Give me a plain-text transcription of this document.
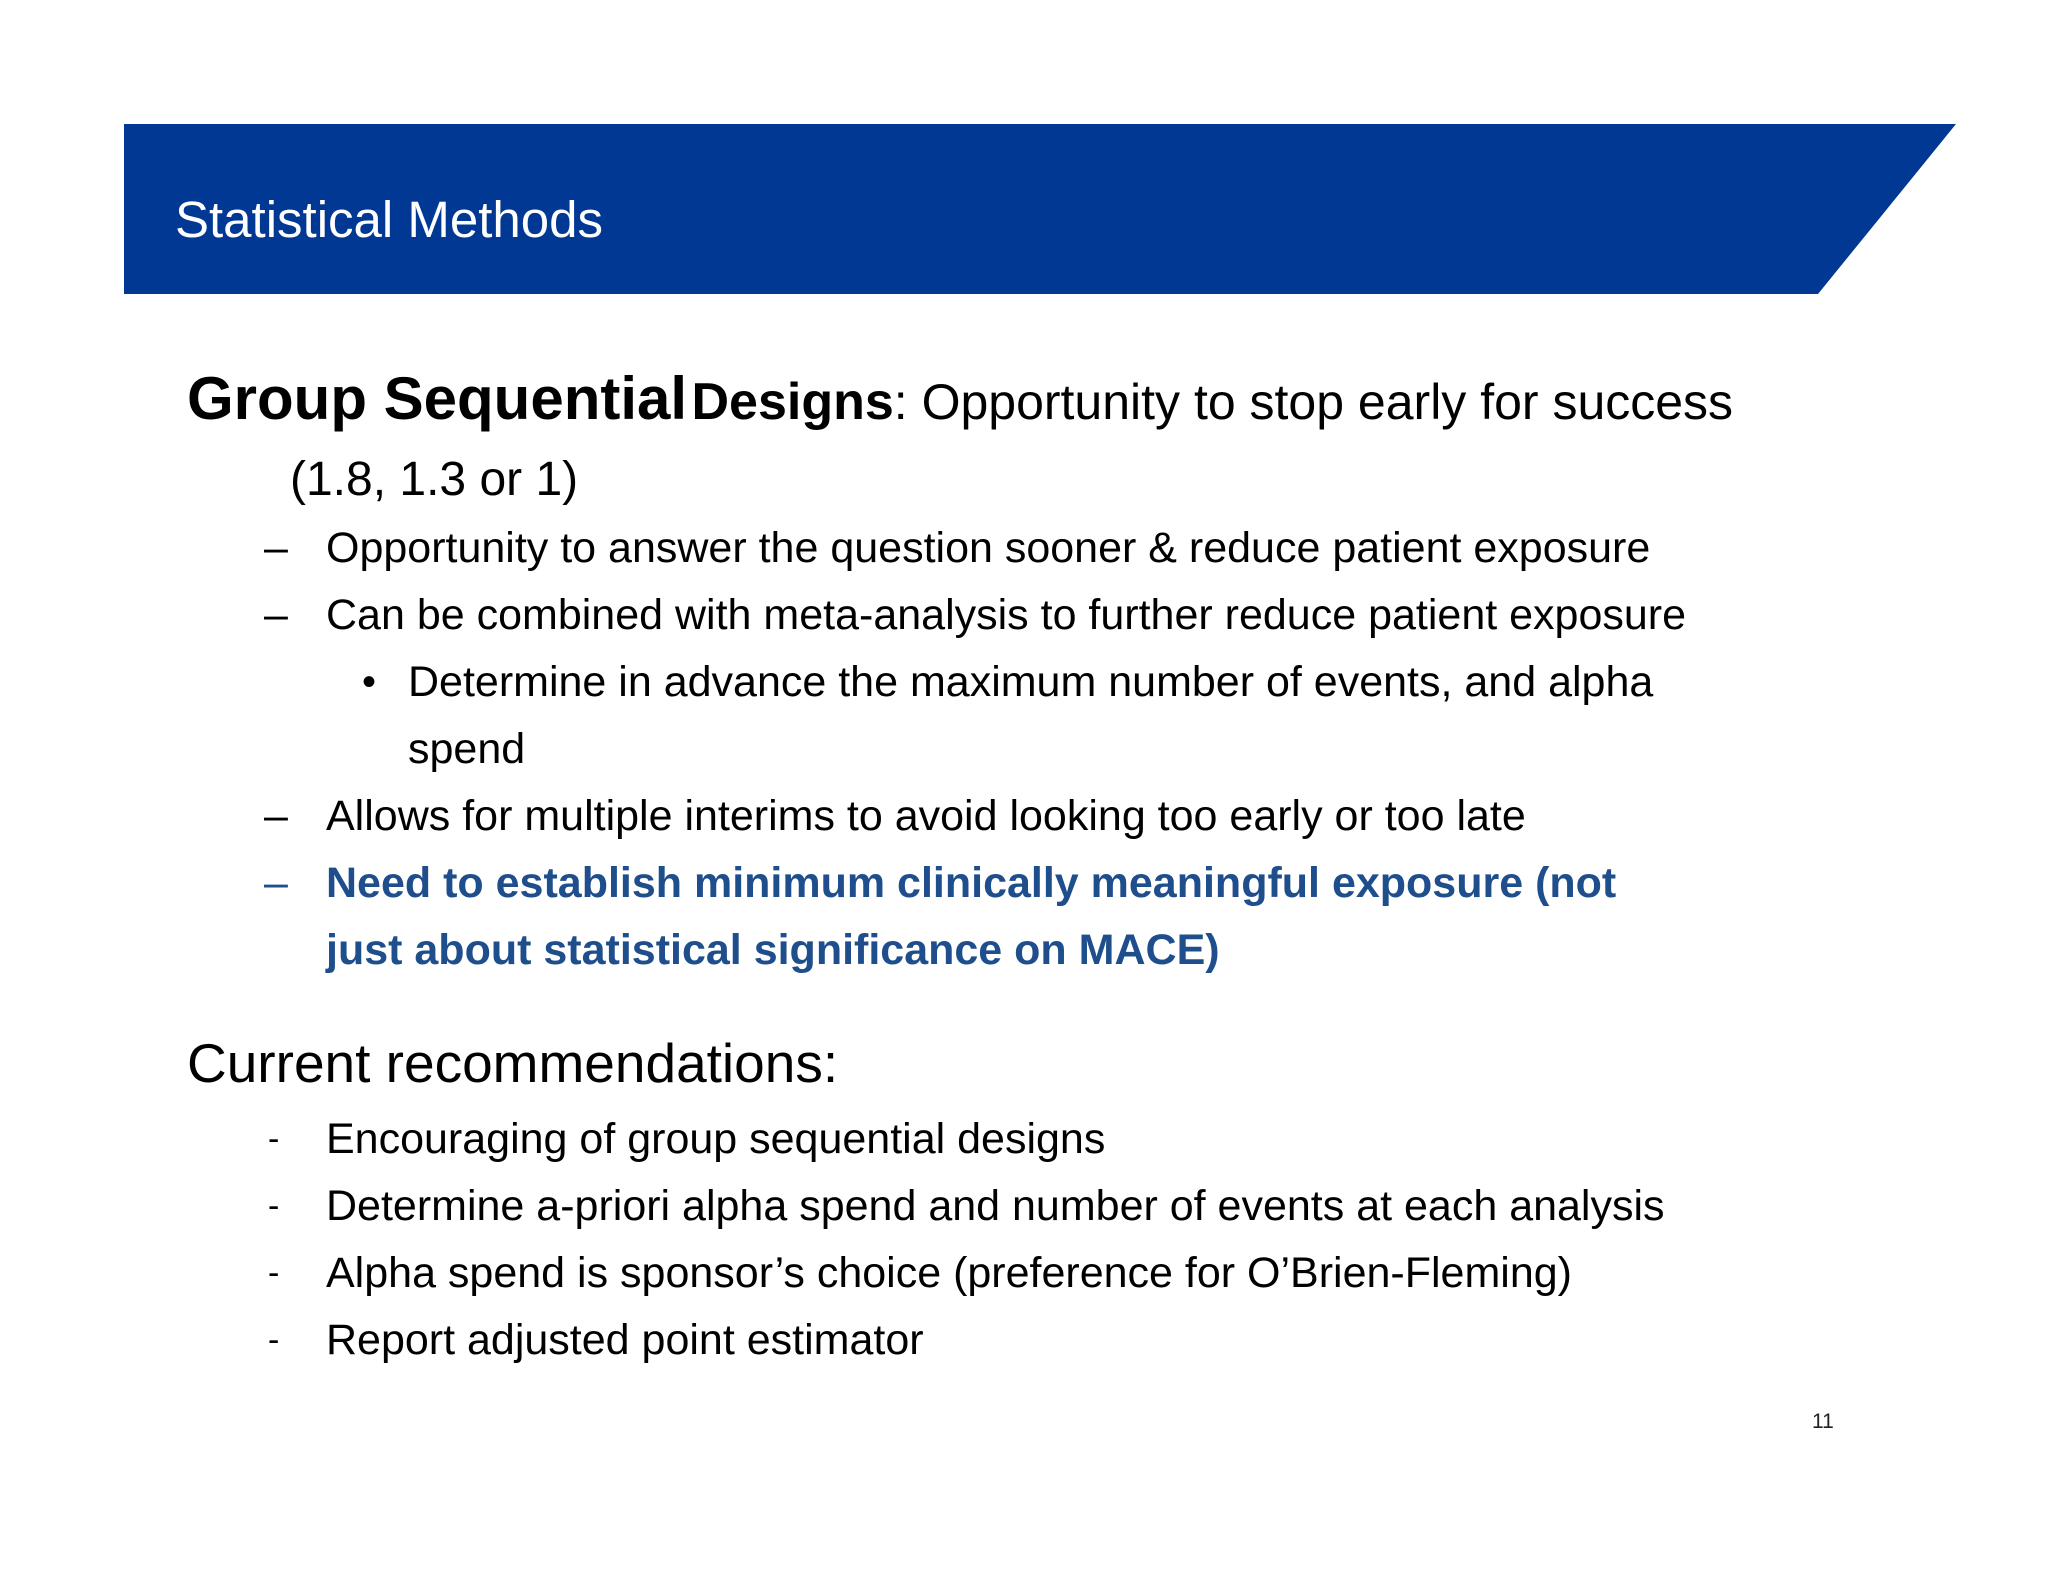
Statistical Methods
Group Sequential Designs: Opportunity to stop early for success
(1.8, 1.3 or 1)
– Opportunity to answer the question sooner & reduce patient exposure
– Can be combined with meta-analysis to further reduce patient exposure
• Determine in advance the maximum number of events, and alpha
spend
– Allows for multiple interims to avoid looking too early or too late
– Need to establish minimum clinically meaningful exposure (not
just about statistical significance on MACE)
Current recommendations:
- Encouraging of group sequential designs
- Determine a-priori alpha spend and number of events at each analysis
- Alpha spend is sponsor’s choice (preference for O’Brien-Fleming)
- Report adjusted point estimator
11
